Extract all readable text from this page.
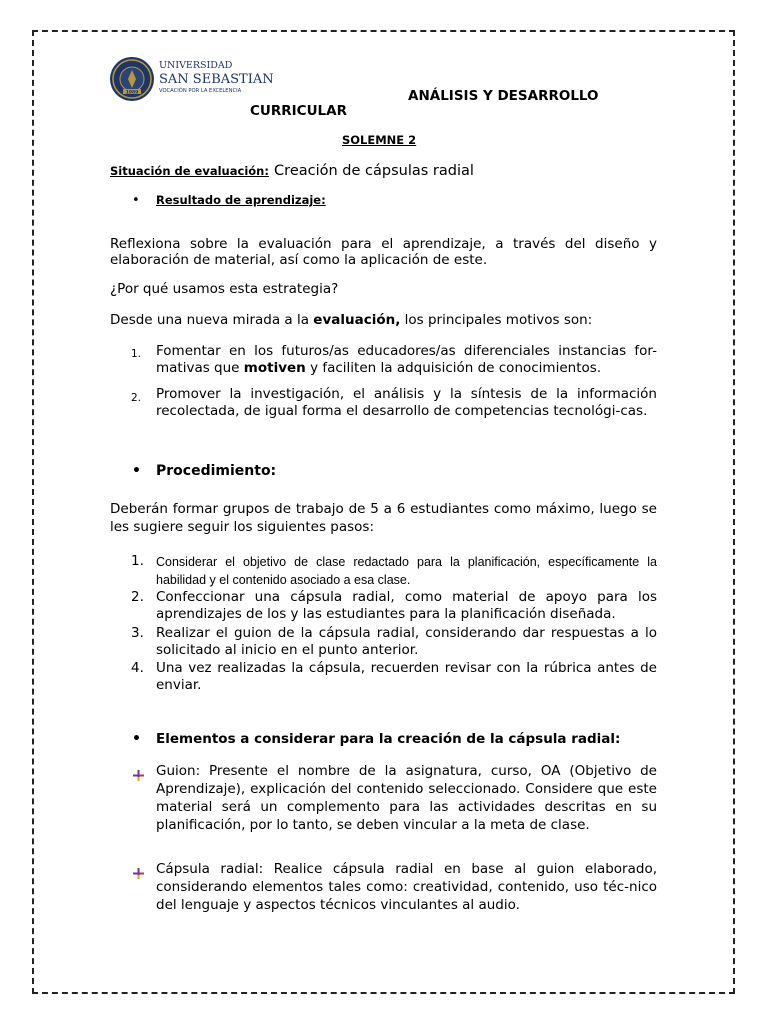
1989
UNIVERSIDAD
SAN SEBASTIAN
VOCACIÓN POR LA EXCELENCIA	ANÁLISIS Y DESARROLLO
CURRICULAR
SOLEMNE 2
Situación de evaluación: Creación de cápsulas radial
• Resultado de aprendizaje:
Reflexiona sobre la evaluación para el aprendizaje, a través del diseño y elaboración de material, así como la aplicación de este.
¿Por qué usamos esta estrategia?
Desde una nueva mirada a la evaluación, los principales motivos son:
1. Fomentar en los futuros/as educadores/as diferenciales instancias for-mativas que motiven y faciliten la adquisición de conocimientos.
2. Promover la investigación, el análisis y la síntesis de la información recolectada, de igual forma el desarrollo de competencias tecnológi-cas.
• Procedimiento:
Deberán formar grupos de trabajo de 5 a 6 estudiantes como máximo, luego se les sugiere seguir los siguientes pasos:
1. Considerar el objetivo de clase redactado para la planificación, específicamente la habilidad y el contenido asociado a esa clase.
2. Confeccionar una cápsula radial, como material de apoyo para los aprendizajes de los y las estudiantes para la planificación diseñada.
3. Realizar el guion de la cápsula radial, considerando dar respuestas a lo solicitado al inicio en el punto anterior.
4. Una vez realizadas la cápsula, recuerden revisar con la rúbrica antes de enviar.
• Elementos a considerar para la creación de la cápsula radial:
Guion: Presente el nombre de la asignatura, curso, OA (Objetivo de Aprendizaje), explicación del contenido seleccionado. Considere que este material será un complemento para las actividades descritas en su planificación, por lo tanto, se deben vincular a la meta de clase.
Cápsula radial: Realice cápsula radial en base al guion elaborado, considerando elementos tales como: creatividad, contenido, uso téc-nico del lenguaje y aspectos técnicos vinculantes al audio.
